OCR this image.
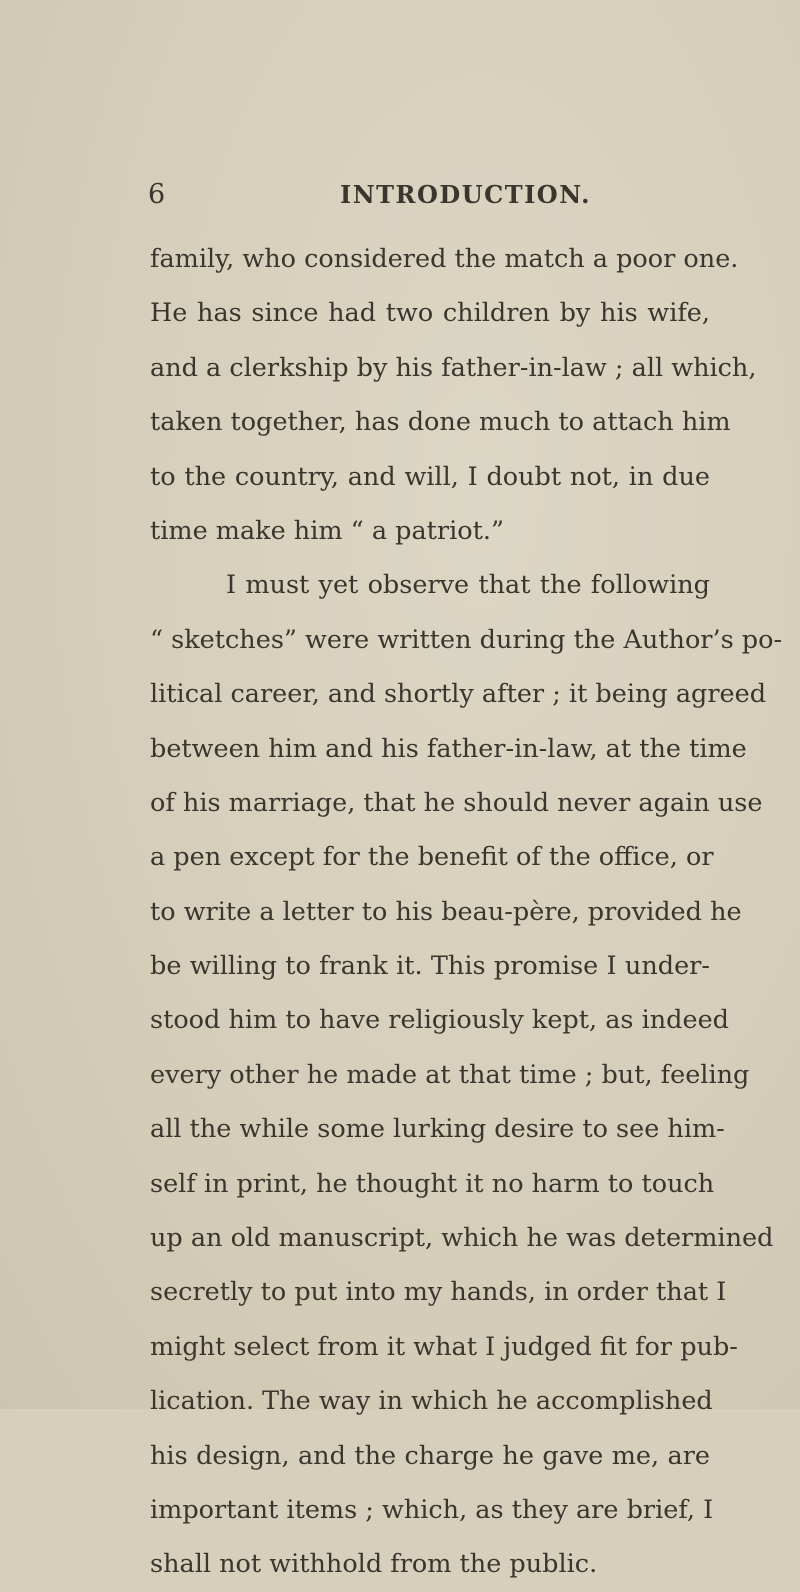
6	INTRODUCTION.
family, who considered the match a poor one.
He has since had two children by his wife,
and a clerkship by his father-in-law ; all which,
taken together, has done much to attach him
to the country, and will, I doubt not, in due
time make him “ a patriot.”
I must yet observe that the following
“ sketches” were written during the Author’s po-
litical career, and shortly after ; it being agreed
between him and his father-in-law, at the time
of his marriage, that he should never again use
a pen except for the benefit of the office, or
to write a letter to his beau-père, provided he
be willing to frank it. This promise I under-
stood him to have religiously kept, as indeed
every other he made at that time ; but, feeling
all the while some lurking desire to see him-
self in print, he thought it no harm to touch
up an old manuscript, which he was determined
secretly to put into my hands, in order that I
might select from it what I judged fit for pub-
lication. The way in which he accomplished
his design, and the charge he gave me, are
important items ; which, as they are brief, I
shall not withhold from the public.
